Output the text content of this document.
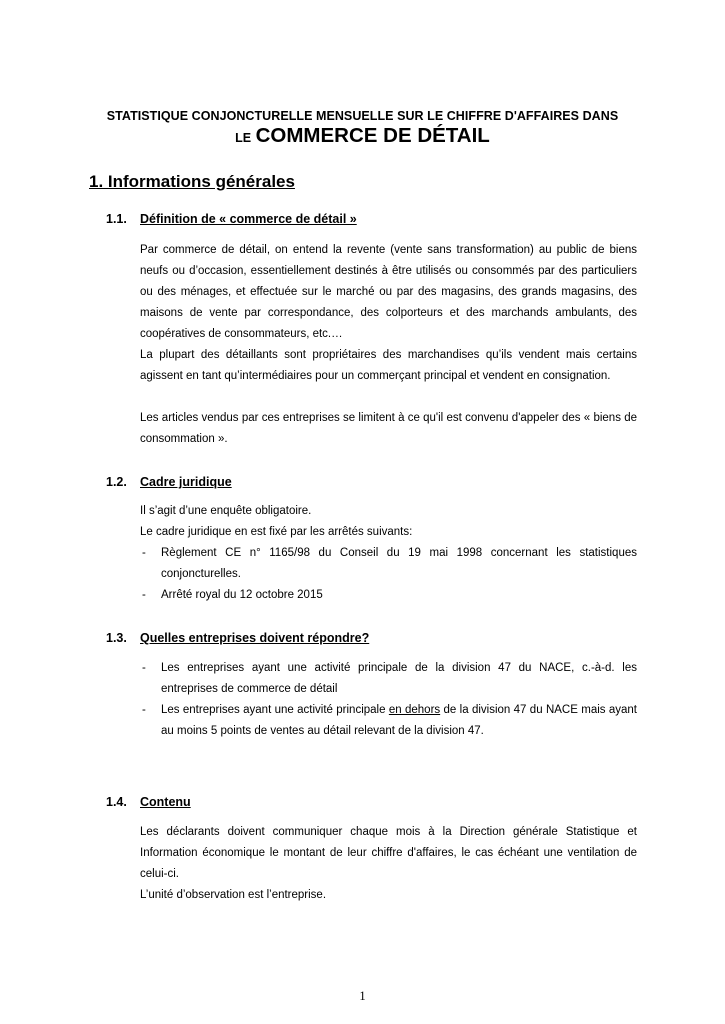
STATISTIQUE CONJONCTURELLE MENSUELLE SUR LE CHIFFRE D'AFFAIRES DANS
LE COMMERCE DE DÉTAIL
1. Informations générales
1.1. Définition de « commerce de détail »

Par commerce de détail, on entend la revente (vente sans transformation) au public de biens neufs ou d’occasion, essentiellement destinés à être utilisés ou consommés par des particuliers ou des ménages, et effectuée sur le marché ou par des magasins, des grands magasins, des maisons de vente par correspondance, des colporteurs et des marchands ambulants, des coopératives de consommateurs, etc.…

La plupart des détaillants sont propriétaires des marchandises qu’ils vendent mais certains agissent en tant qu’intermédiaires pour un commerçant principal et vendent en consignation.

Les articles vendus par ces entreprises se limitent à ce qu'il est convenu d'appeler des « biens de consommation ».

1.2. Cadre juridique

Il s’agit d’une enquête obligatoire.

Le cadre juridique en est fixé par les arrêtés suivants:

- Règlement CE n° 1165/98 du Conseil du 19 mai 1998 concernant les statistiques conjoncturelles.
- Arrêté royal du 12 octobre 2015
1.3. Quelles entreprises doivent répondre?
- Les entreprises ayant une activité principale de la division 47 du NACE, c.-à-d. les entreprises de commerce de détail
- Les entreprises ayant une activité principale en dehors de la division 47 du NACE mais ayant au moins 5 points de ventes au détail relevant de la division 47.
1.4. Contenu

Les déclarants doivent communiquer chaque mois à la Direction générale Statistique et Information économique le montant de leur chiffre d'affaires, le cas échéant une ventilation de celui-ci.

L’unité d’observation est l’entreprise.

1
